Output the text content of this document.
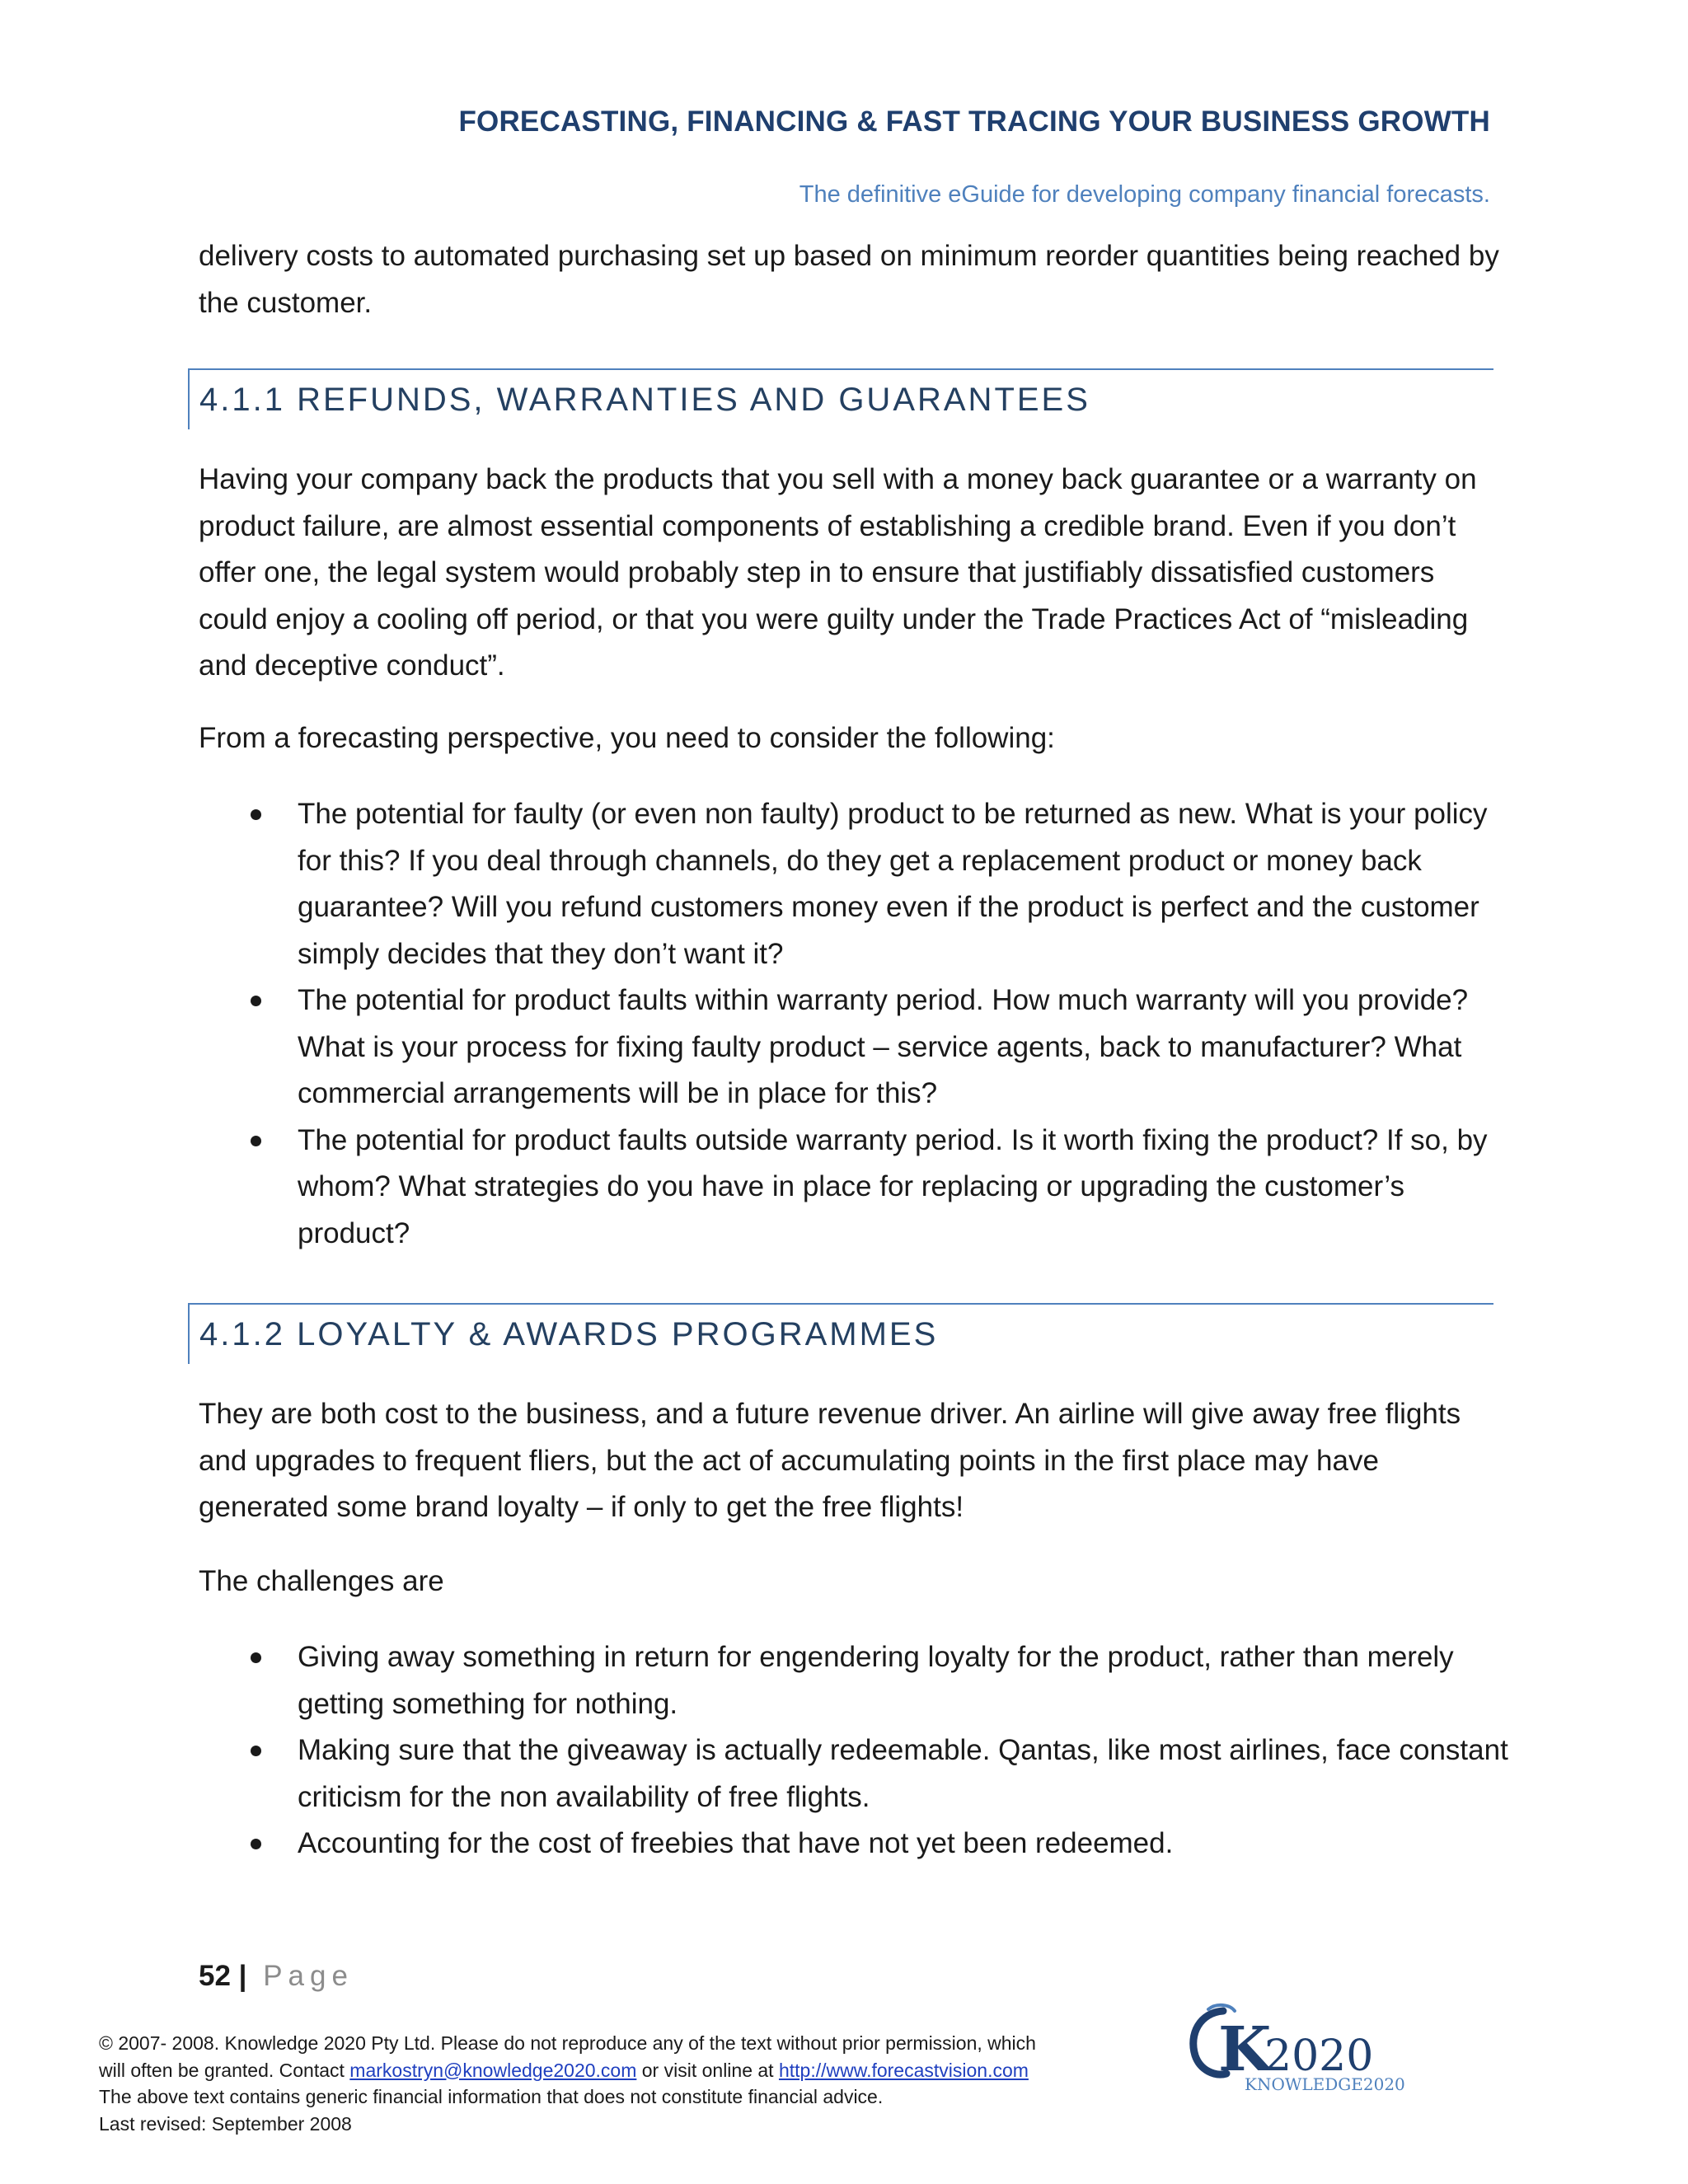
FORECASTING, FINANCING & FAST TRACING YOUR BUSINESS GROWTH
The definitive eGuide for developing company financial forecasts.
delivery costs to automated purchasing set up based on minimum reorder quantities being reached by the customer.
4.1.1 REFUNDS, WARRANTIES AND GUARANTEES
Having your company back the products that you sell with a money back guarantee or a warranty on product failure, are almost essential components of establishing a credible brand. Even if you don’t offer one, the legal system would probably step in to ensure that justifiably dissatisfied customers could enjoy a cooling off period, or that you were guilty under the Trade Practices Act of “misleading and deceptive conduct”.
From a forecasting perspective, you need to consider the following:
The potential for faulty (or even non faulty) product to be returned as new. What is your policy for this? If you deal through channels, do they get a replacement product or money back guarantee? Will you refund customers money even if the product is perfect and the customer simply decides that they don’t want it?
The potential for product faults within warranty period. How much warranty will you provide? What is your process for fixing faulty product – service agents, back to manufacturer? What commercial arrangements will be in place for this?
The potential for product faults outside warranty period. Is it worth fixing the product? If so, by whom? What strategies do you have in place for replacing or upgrading the customer’s product?
4.1.2 LOYALTY & AWARDS PROGRAMMES
They are both cost to the business, and a future revenue driver. An airline will give away free flights and upgrades to frequent fliers, but the act of accumulating points in the first place may have generated some brand loyalty – if only to get the free flights!
The challenges are
Giving away something in return for engendering loyalty for the product, rather than merely getting something for nothing.
Making sure that the giveaway is actually redeemable. Qantas, like most airlines, face constant criticism for the non availability of free flights.
Accounting for the cost of freebies that have not yet been redeemed.
52 | Page
© 2007- 2008. Knowledge 2020 Pty Ltd. Please do not reproduce any of the text without prior permission, which
will often be granted. Contact markostryn@knowledge2020.com or visit online at http://www.forecastvision.com
The above text contains generic financial information that does not constitute financial advice.
Last revised: September 2008
K
2020
KNOWLEDGE2020
